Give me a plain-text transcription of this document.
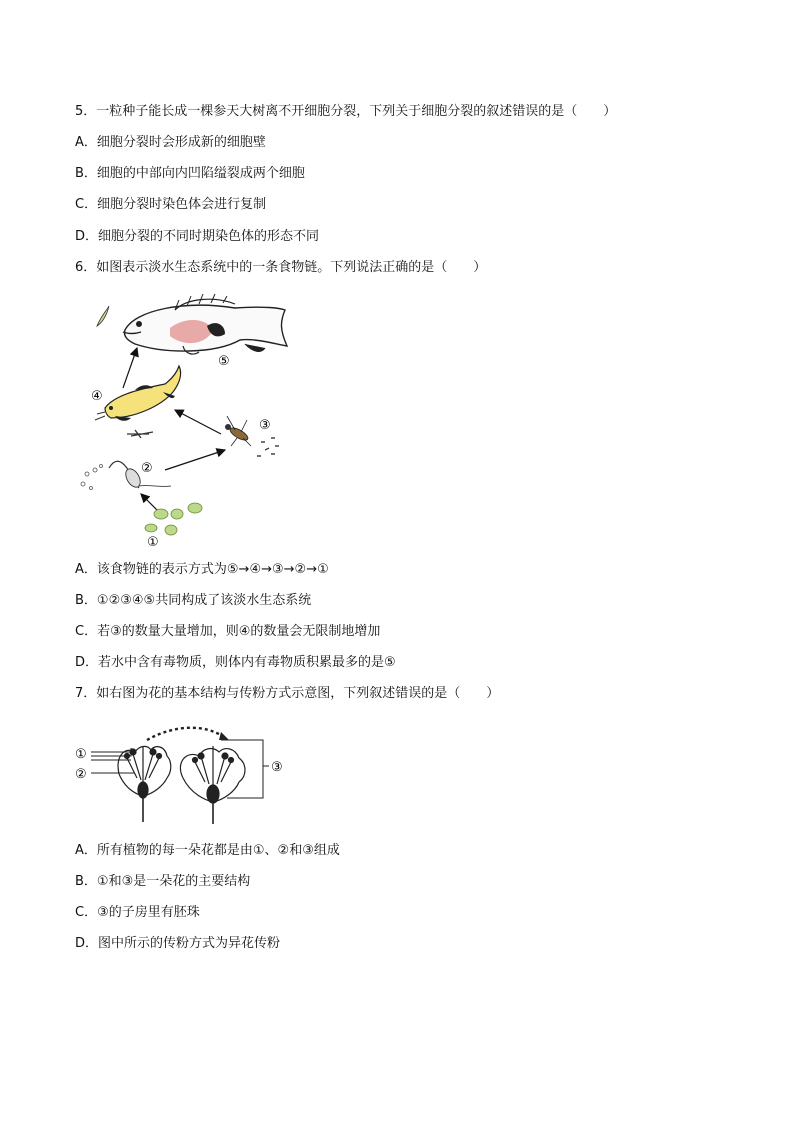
5．一粒种子能长成一棵参天大树离不开细胞分裂，下列关于细胞分裂的叙述错误的是（　　）
A．细胞分裂时会形成新的细胞壁
B．细胞的中部向内凹陷缢裂成两个细胞
C．细胞分裂时染色体会进行复制
D．细胞分裂的不同时期染色体的形态不同
6．如图表示淡水生态系统中的一条食物链。下列说法正确的是（　　）
⑤
④
③
②
①
A．该食物链的表示方式为⑤→④→③→②→①
B．①②③④⑤共同构成了该淡水生态系统
C．若③的数量大量增加，则④的数量会无限制地增加
D．若水中含有毒物质，则体内有毒物质积累最多的是⑤
7．如右图为花的基本结构与传粉方式示意图，下列叙述错误的是（　　）
①
②	③
A．所有植物的每一朵花都是由①、②和③组成
B．①和③是一朵花的主要结构
C．③的子房里有胚珠
D．图中所示的传粉方式为异花传粉
